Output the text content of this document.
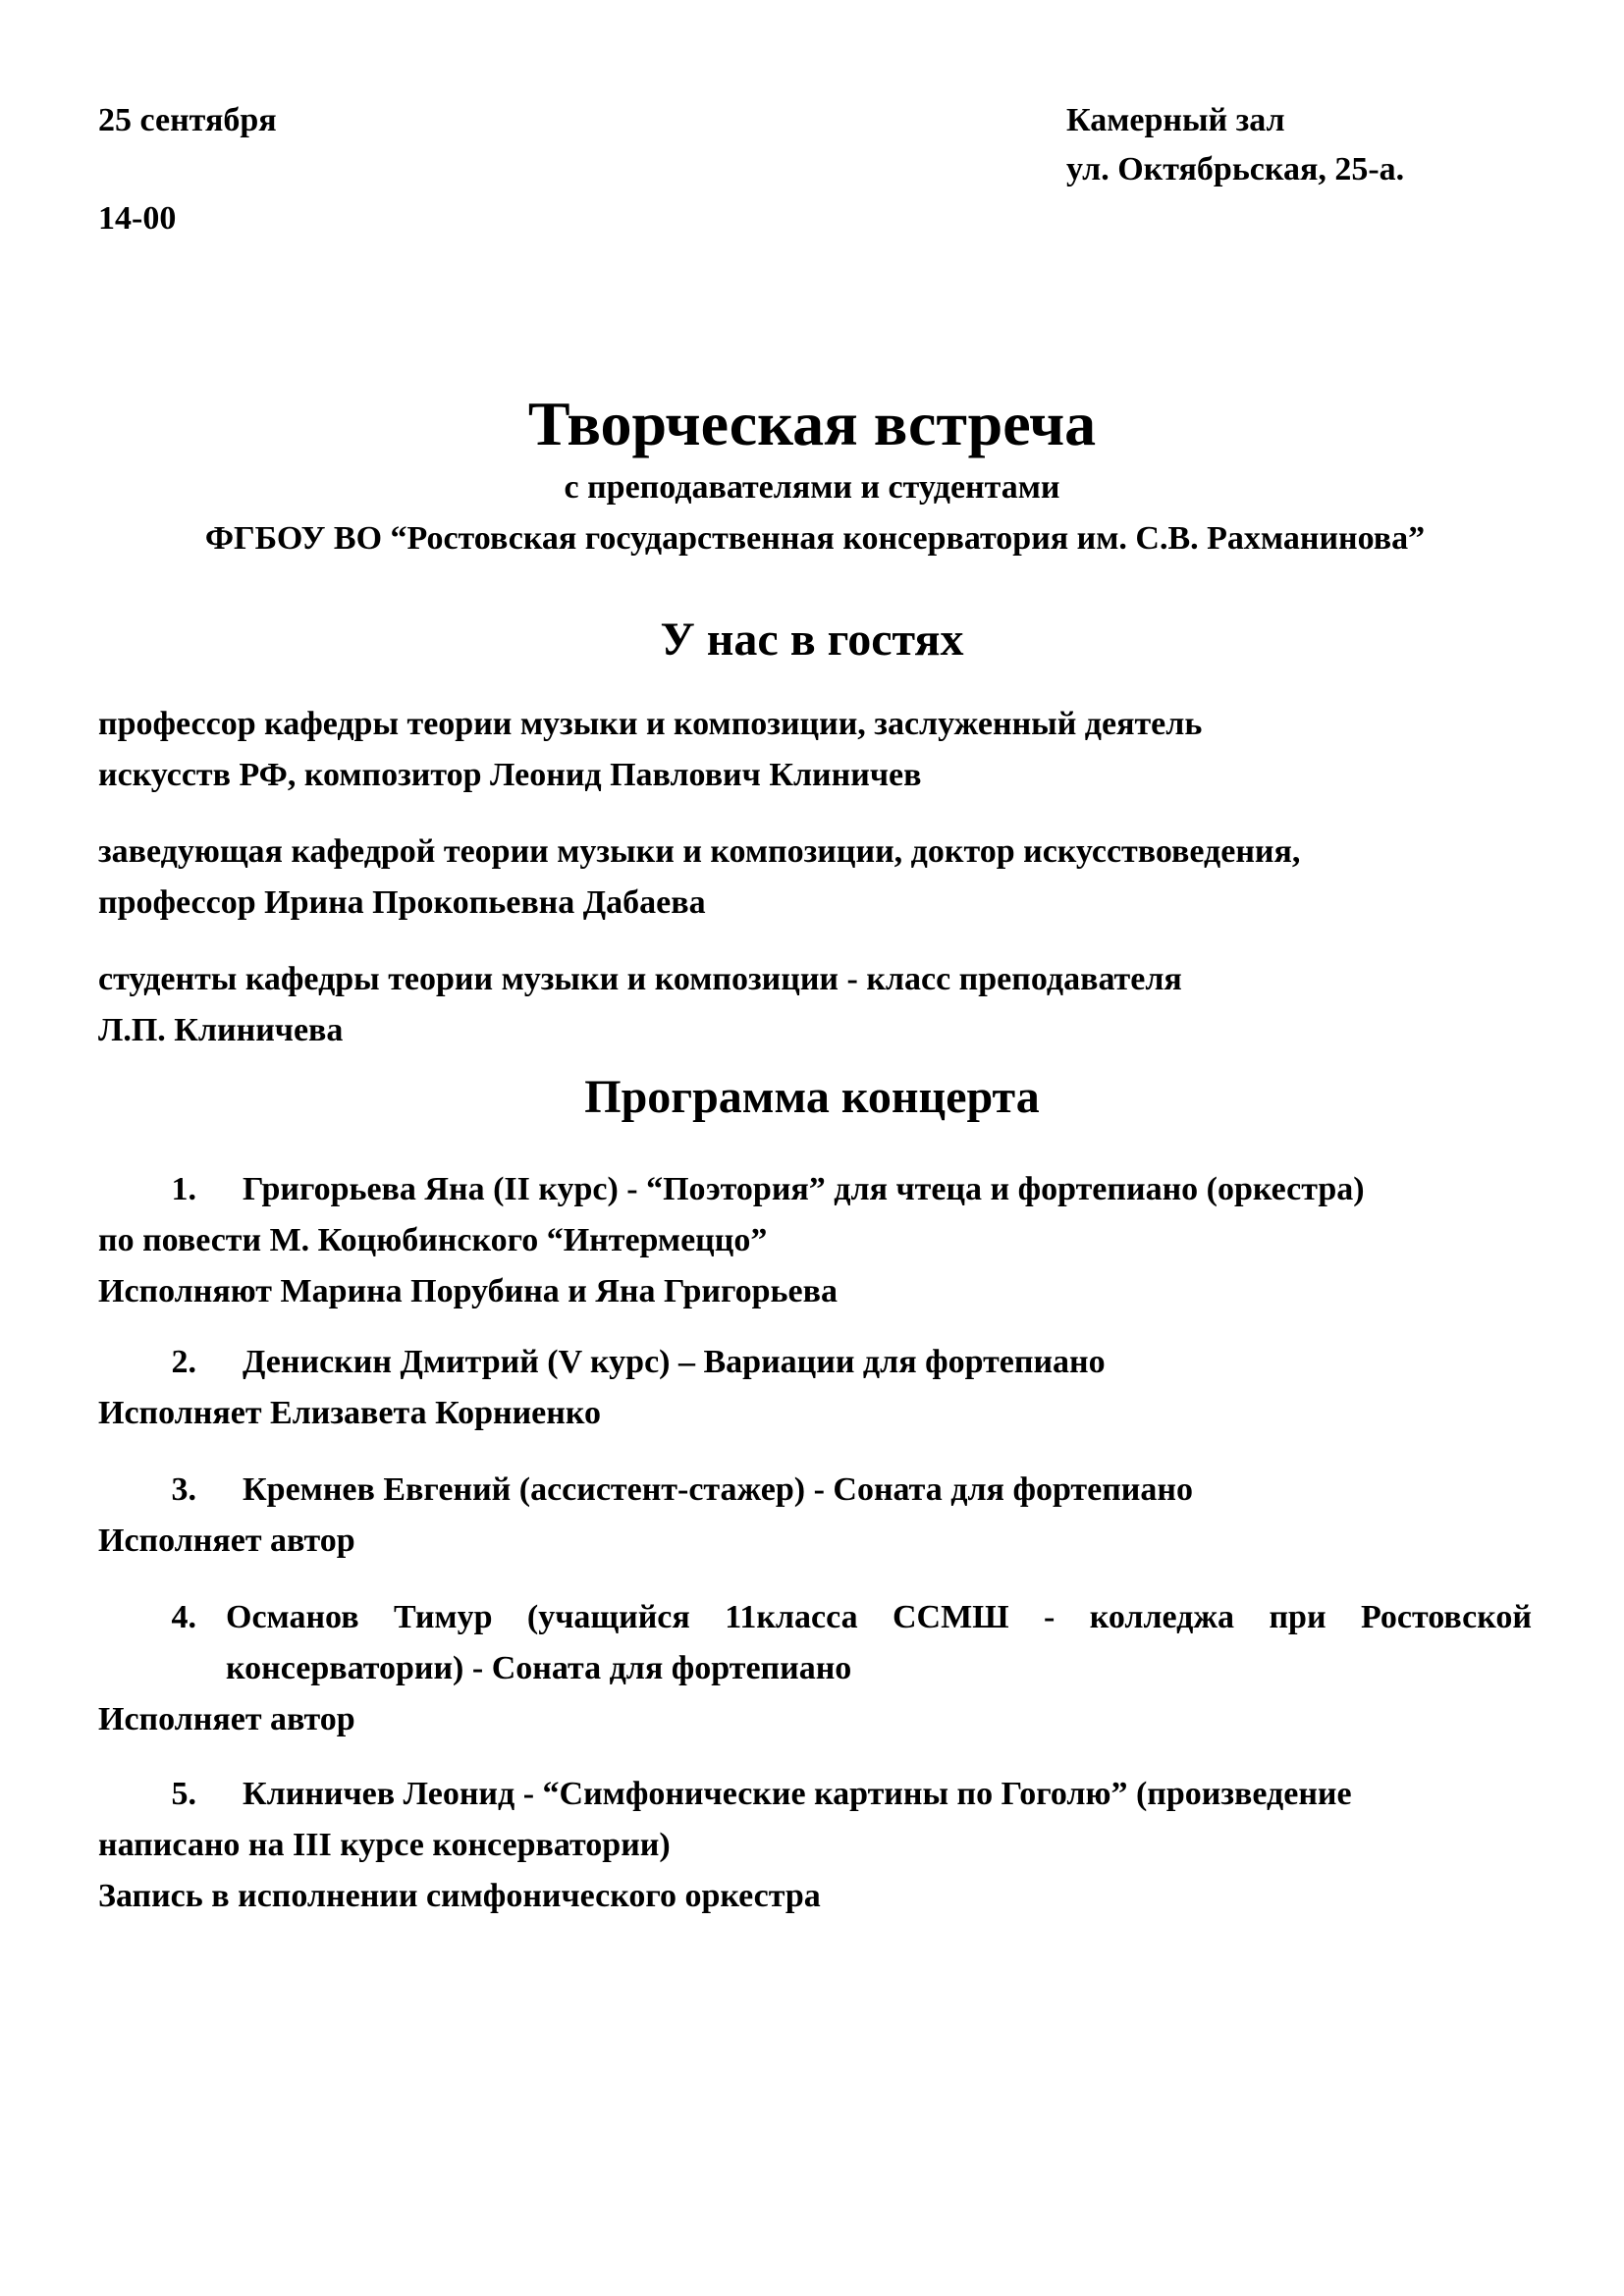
25 сентября
14-00
Камерный зал
ул. Октябрьская, 25-а.
Творческая встреча
с преподавателями и студентами
ФГБОУ ВО “Ростовская государственная консерватория им. С.В. Рахманинова”
У нас в гостях
профессор кафедры теории музыки и композиции, заслуженный деятель
искусств РФ, композитор Леонид Павлович Клиничев
заведующая кафедрой теории музыки и композиции, доктор искусствоведения,
профессор Ирина Прокопьевна Дабаева
студенты кафедры теории музыки и композиции - класс преподавателя
Л.П. Клиничева
Программа концерта
1. Григорьева Яна (II курс) - “Поэтория” для чтеца и фортепиано (оркестра)
по повести М. Коцюбинского “Интермеццо”
Исполняют Марина Порубина и Яна Григорьева
2. Денискин Дмитрий (V курс) – Вариации для фортепиано
Исполняет Елизавета Корниенко
3. Кремнев Евгений (ассистент-стажер) - Соната для фортепиано
Исполняет автор
4. Османов Тимур (учащийся 11класса ССМШ - колледжа при Ростовской
консерватории) - Соната для фортепиано
Исполняет автор
5. Клиничев Леонид - “Симфонические картины по Гоголю” (произведение
написано на III курсе консерватории)
Запись в исполнении симфонического оркестра
